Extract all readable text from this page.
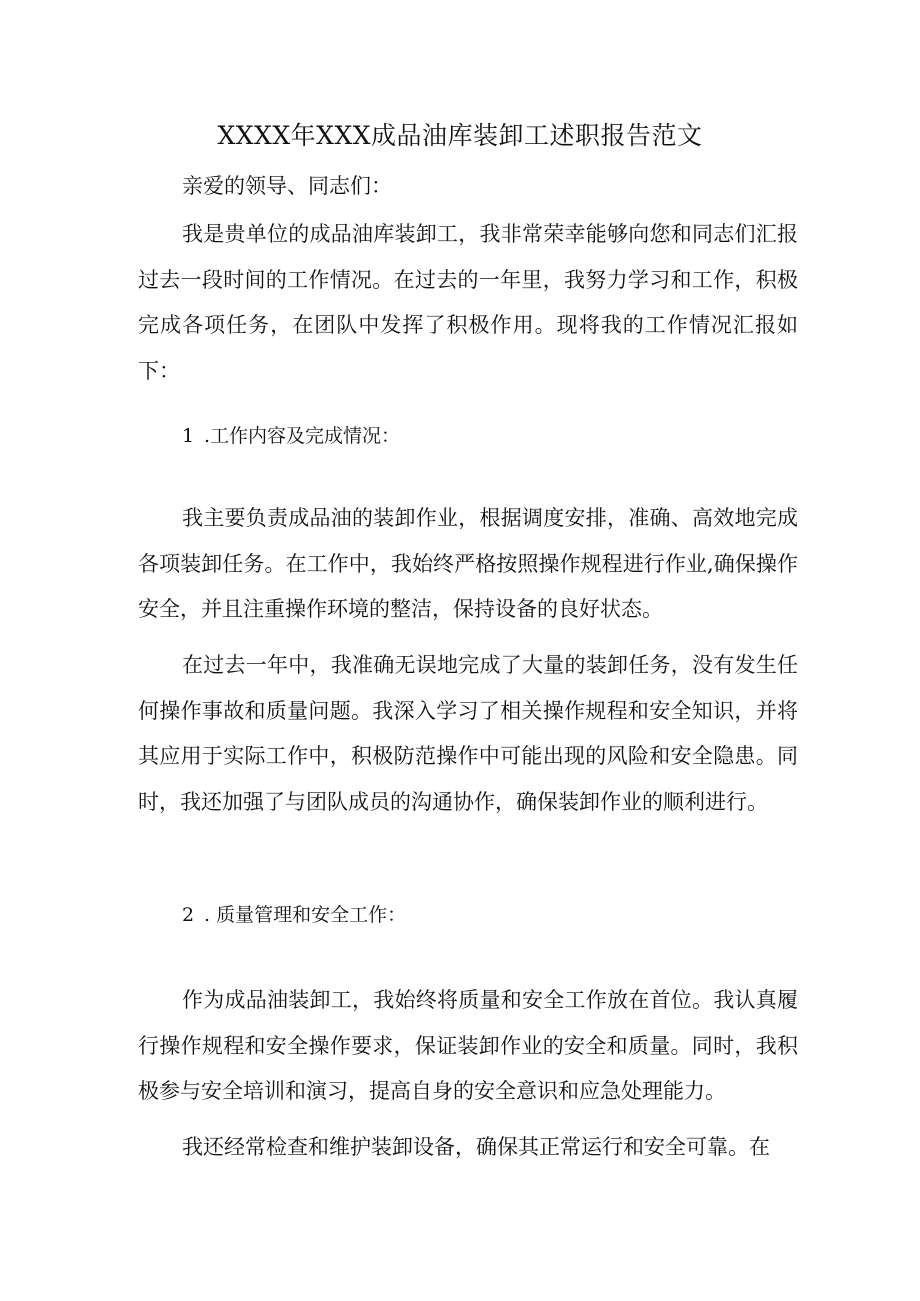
XXXX年XXX成品油库装卸工述职报告范文

亲爱的领导、同志们：

我是贵单位的成品油库装卸工，我非常荣幸能够向您和同志们汇报过去一段时间的工作情况。在过去的一年里，我努力学习和工作，积极完成各项任务，在团队中发挥了积极作用。现将我的工作情况汇报如下：

1 .工作内容及完成情况：

我主要负责成品油的装卸作业，根据调度安排，准确、高效地完成各项装卸任务。在工作中，我始终严格按照操作规程进行作业,确保操作安全，并且注重操作环境的整洁，保持设备的良好状态。

在过去一年中，我准确无误地完成了大量的装卸任务，没有发生任何操作事故和质量问题。我深入学习了相关操作规程和安全知识，并将其应用于实际工作中，积极防范操作中可能出现的风险和安全隐患。同时，我还加强了与团队成员的沟通协作，确保装卸作业的顺利进行。

2 . 质量管理和安全工作：

作为成品油装卸工，我始终将质量和安全工作放在首位。我认真履行操作规程和安全操作要求，保证装卸作业的安全和质量。同时，我积极参与安全培训和演习，提高自身的安全意识和应急处理能力。

我还经常检查和维护装卸设备，确保其正常运行和安全可靠。在
